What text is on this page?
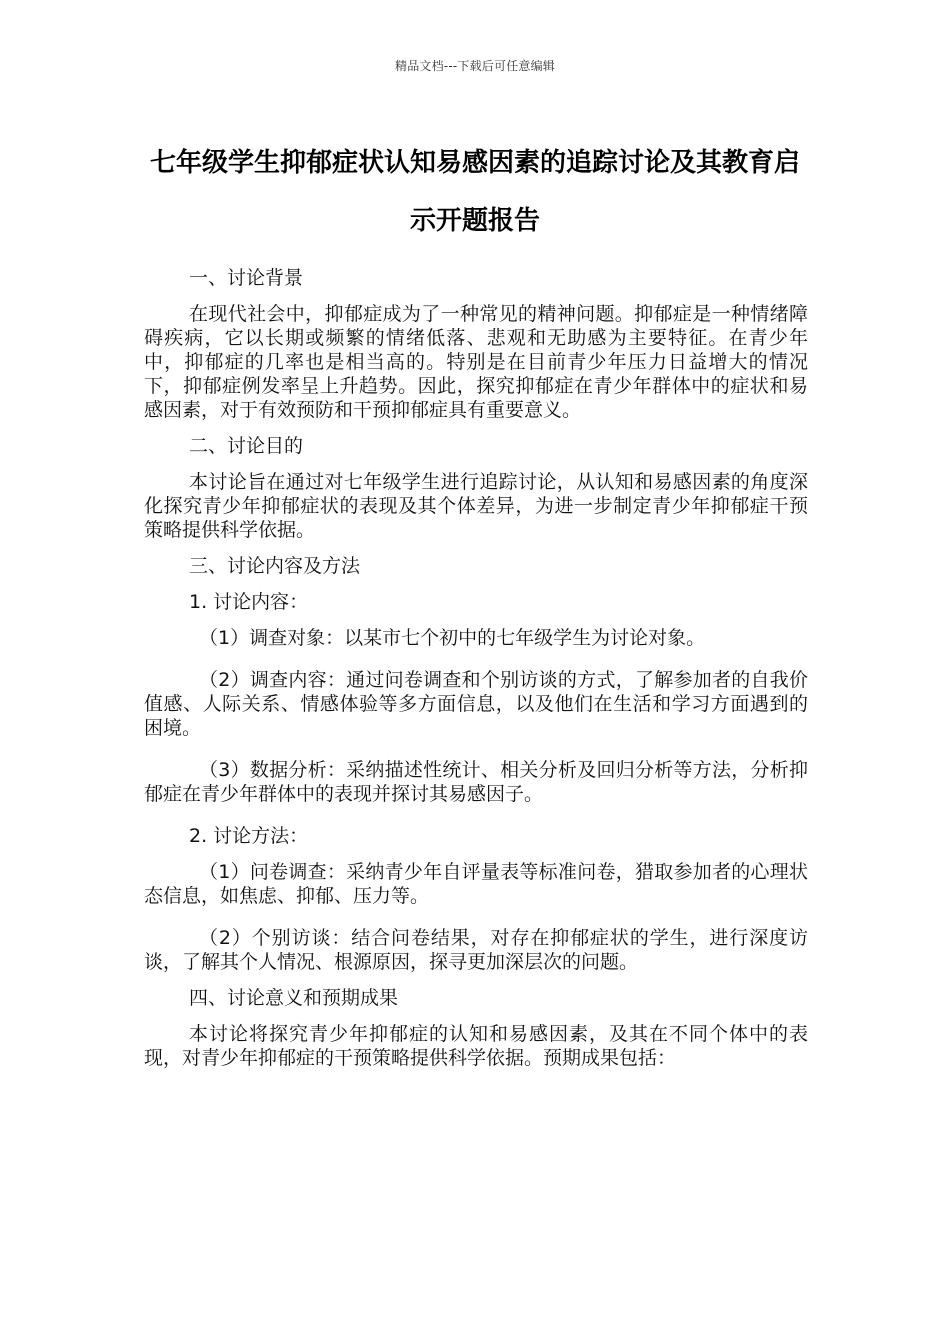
精品文档---下载后可任意编辑
七年级学生抑郁症状认知易感因素的追踪讨论及其教育启示开题报告

一、讨论背景

在现代社会中，抑郁症成为了一种常见的精神问题。抑郁症是一种情绪障碍疾病，它以长期或频繁的情绪低落、悲观和无助感为主要特征。在青少年中，抑郁症的几率也是相当高的。特别是在目前青少年压力日益增大的情况下，抑郁症例发率呈上升趋势。因此，探究抑郁症在青少年群体中的症状和易感因素，对于有效预防和干预抑郁症具有重要意义。

二、讨论目的

本讨论旨在通过对七年级学生进行追踪讨论，从认知和易感因素的角度深化探究青少年抑郁症状的表现及其个体差异，为进一步制定青少年抑郁症干预策略提供科学依据。

三、讨论内容及方法

1. 讨论内容：

（1）调查对象：以某市七个初中的七年级学生为讨论对象。

（2）调查内容：通过问卷调查和个别访谈的方式，了解参加者的自我价值感、人际关系、情感体验等多方面信息，以及他们在生活和学习方面遇到的困境。

（3）数据分析：采纳描述性统计、相关分析及回归分析等方法，分析抑郁症在青少年群体中的表现并探讨其易感因子。

2. 讨论方法：

（1）问卷调查：采纳青少年自评量表等标准问卷，猎取参加者的心理状态信息，如焦虑、抑郁、压力等。

（2）个别访谈：结合问卷结果，对存在抑郁症状的学生，进行深度访谈，了解其个人情况、根源原因，探寻更加深层次的问题。

四、讨论意义和预期成果

本讨论将探究青少年抑郁症的认知和易感因素，及其在不同个体中的表现，对青少年抑郁症的干预策略提供科学依据。预期成果包括：
